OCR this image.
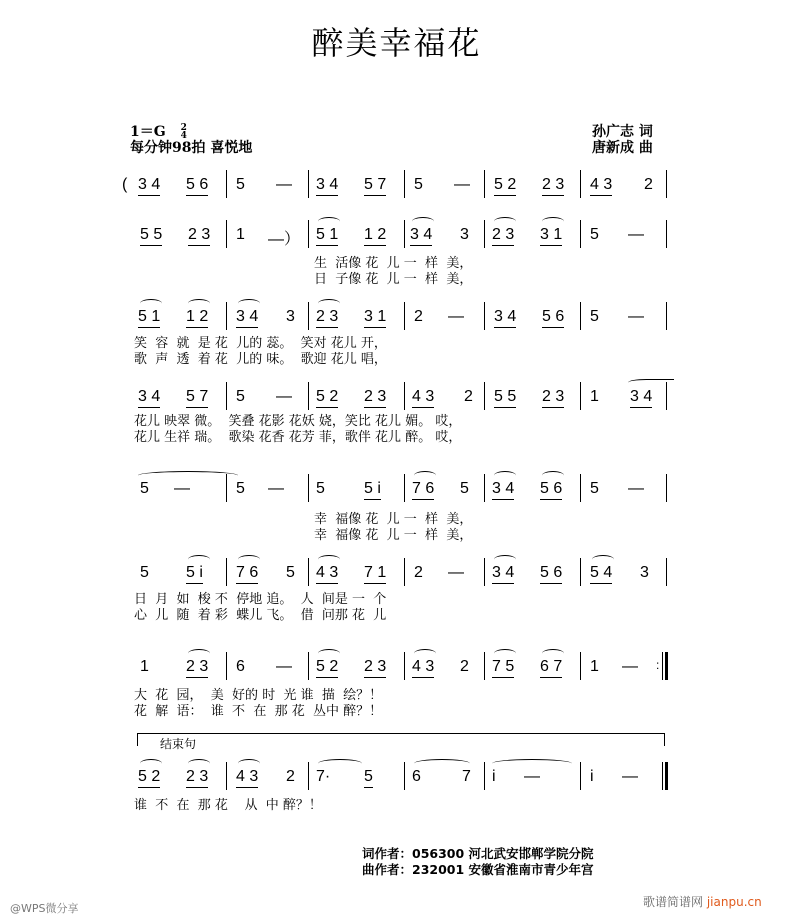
醉美幸福花
1＝G 2
4
每分钟98拍 喜悦地
孙广志 词
唐新成 曲
( 3 4 5 6 5 — 3 4 5 7 5 — 5 2 2 3 4 3 2
5 5 2 3 1 —） 5 1 1 2 3 4 3 2 3 3 1 5 —
生  活像 花  儿 一  样  美，
日  子像 花  儿 一  样  美，
5 1 1 2 3 4 3 2 3 3 1 2 — 3 4 5 6 5 —
笑  容  就  是 花  儿的 蕊。  笑对 花儿 开，
歌  声  透  着 花  儿的 味。  歌迎 花儿 唱，
3 4 5 7 5 — 5 2 2 3 4 3 2 5 5 2 3 1 3 4
花儿 映翠 微。  笑叠 花影 花妖 娆，笑比 花儿 媚。 哎，
花儿 生祥 瑞。  歌染 花香 花芳 菲，歌伴 花儿 醉。 哎，
5 —	5 — 5 5 i 7 6 5 3 4 5 6 5 —
幸  福像 花  儿 一  样  美，
幸  福像 花  儿 一  样  美，
5 5 i 7 6 5 4 3 7 1 2 — 3 4 5 6 5 4 3
日  月  如  梭 不  停地 追。  人  间是 一  个
心  儿  随  着 彩  蝶儿 飞。  借  问那 花  儿
1 2 3 6 — 5 2 2 3 4 3 2 7 5 6 7 1 — :
大  花  园，  美  好的 时  光 谁  描  绘？！
花  解  语：  谁  不  在  那 花  丛中 醉？！
结束句
5 2 2 3 4 3 2 7· 5 6	7 i —	i —
谁  不  在  那 花    从  中 醉？！
词作者：056300 河北武安邯郸学院分院
曲作者：232001 安徽省淮南市青少年宫
@WPS微分享	歌谱简谱网 jianpu.cn
